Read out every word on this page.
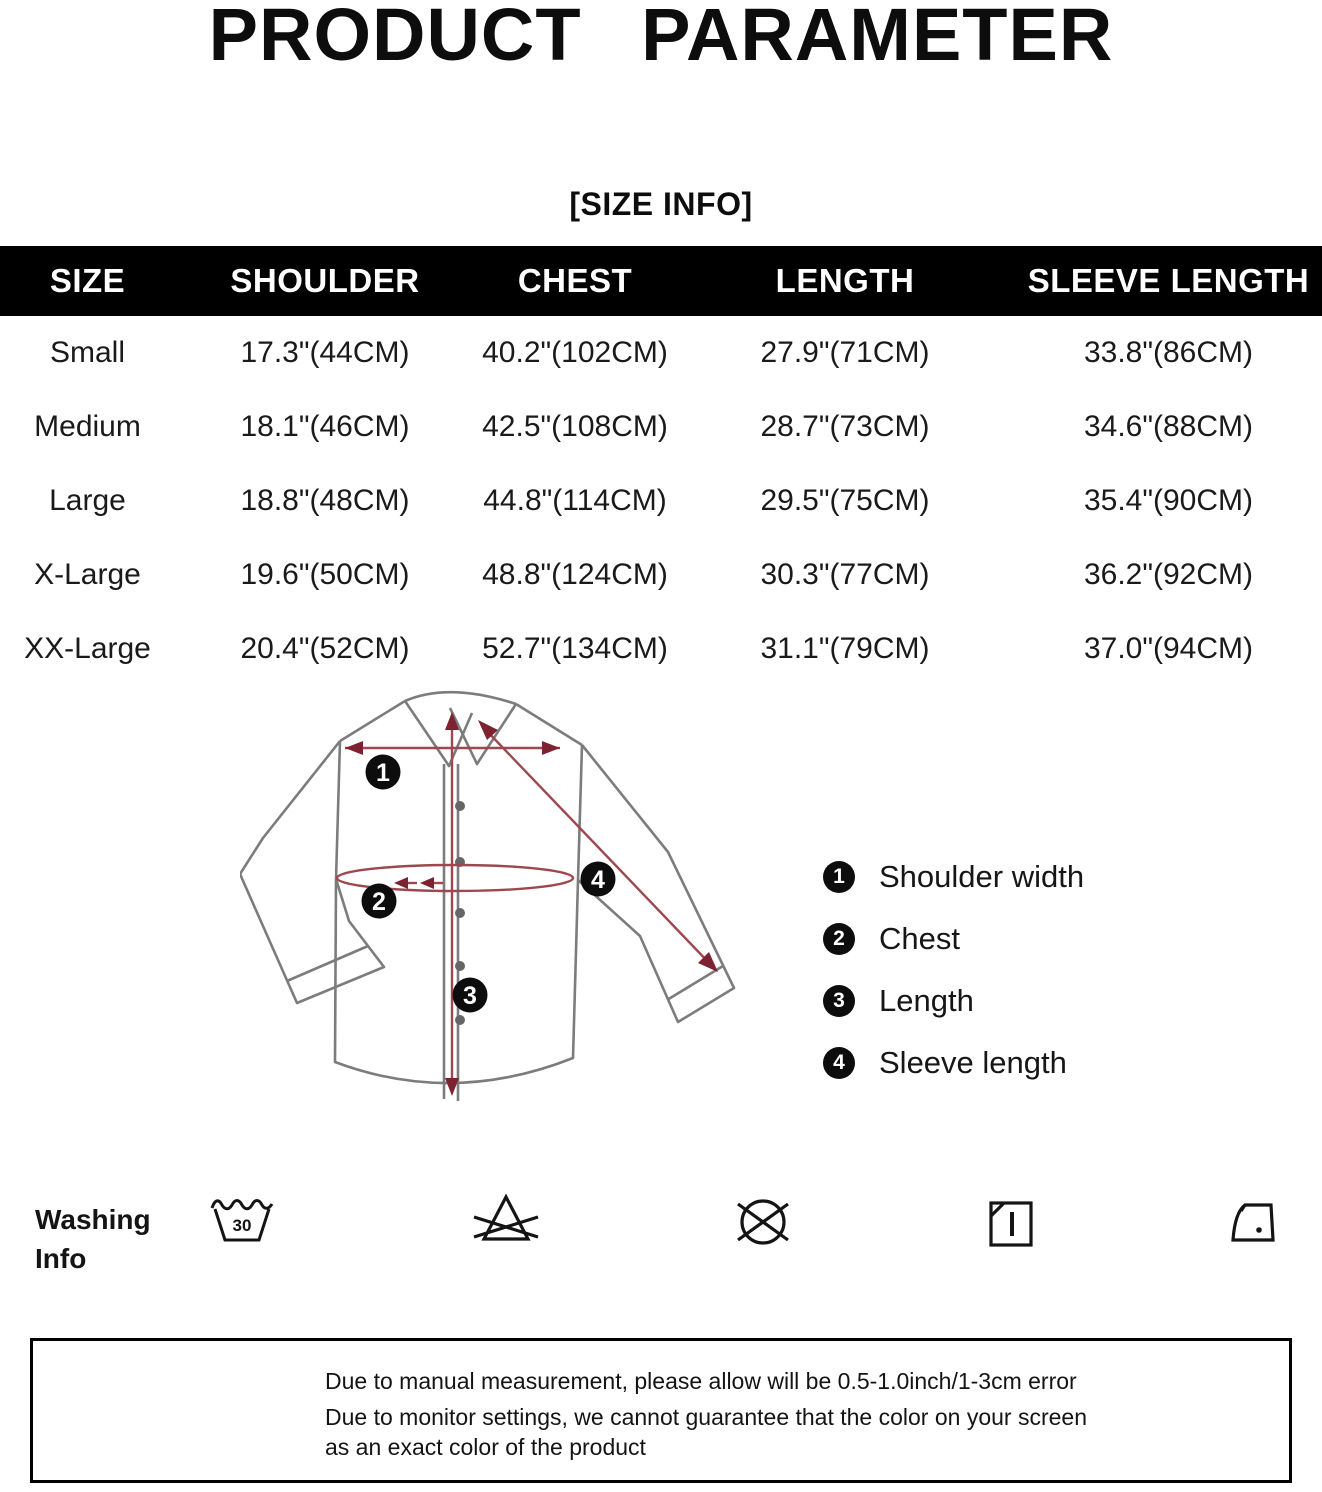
PRODUCT PARAMETER
[SIZE INFO]
SIZE	SHOULDER	CHEST	LENGTH	SLEEVE LENGTH
Small	17.3"(44CM)	40.2"(102CM)	27.9"(71CM)	33.8"(86CM)
Medium	18.1"(46CM)	42.5"(108CM)	28.7"(73CM)	34.6"(88CM)
Large	18.8"(48CM)	44.8"(114CM)	29.5"(75CM)	35.4"(90CM)
X-Large	19.6"(50CM)	48.8"(124CM)	30.3"(77CM)	36.2"(92CM)
XX-Large	20.4"(52CM)	52.7"(134CM)	31.1"(79CM)	37.0"(94CM)
1
2
3
4	1	Shoulder width
2	Chest
3	Length
4	Sleeve length
Washing
Info
30
Due to manual measurement, please allow will be 0.5-1.0inch/1-3cm error
Due to monitor settings, we cannot guarantee that the color on your screen
as an exact color of the product
